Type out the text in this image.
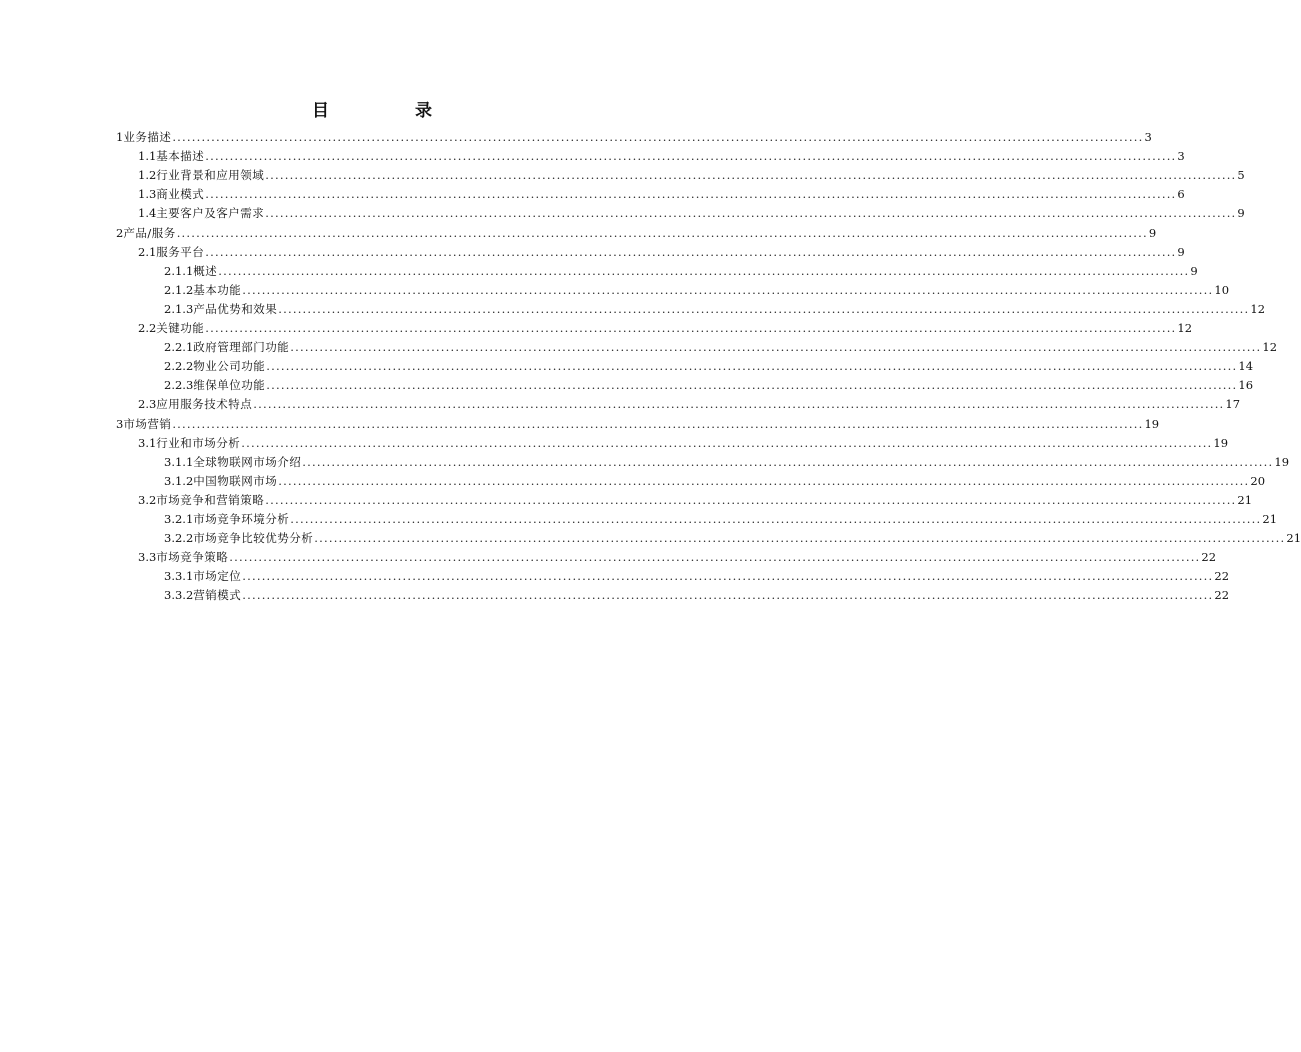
目	录
1 业务描述 ........................................................................................................................................................................................................ 3
1.1 基本描述 ........................................................................................................................................................................................................ 3
1.2 行业背景和应用领域 ........................................................................................................................................................................................................ 5
1.3 商业模式 ........................................................................................................................................................................................................ 6
1.4 主要客户及客户需求 ........................................................................................................................................................................................................ 9
2 产品/服务 ........................................................................................................................................................................................................ 9
2.1 服务平台 ........................................................................................................................................................................................................ 9
2.1.1 概述 ........................................................................................................................................................................................................ 9
2.1.2 基本功能 ........................................................................................................................................................................................................ 10
2.1.3 产品优势和效果 ........................................................................................................................................................................................................ 12
2.2 关键功能 ........................................................................................................................................................................................................ 12
2.2.1 政府管理部门功能 ........................................................................................................................................................................................................ 12
2.2.2 物业公司功能 ........................................................................................................................................................................................................ 14
2.2.3 维保单位功能 ........................................................................................................................................................................................................ 16
2.3 应用服务技术特点 ........................................................................................................................................................................................................ 17
3 市场营销 ........................................................................................................................................................................................................ 19
3.1 行业和市场分析 ........................................................................................................................................................................................................ 19
3.1.1 全球物联网市场介绍 ........................................................................................................................................................................................................ 19
3.1.2 中国物联网市场 ........................................................................................................................................................................................................ 20
3.2 市场竞争和营销策略 ........................................................................................................................................................................................................ 21
3.2.1 市场竞争环境分析 ........................................................................................................................................................................................................ 21
3.2.2 市场竞争比较优势分析 ........................................................................................................................................................................................................ 21
3.3 市场竞争策略 ........................................................................................................................................................................................................ 22
3.3.1 市场定位 ........................................................................................................................................................................................................ 22
3.3.2 营销模式 ........................................................................................................................................................................................................ 22
